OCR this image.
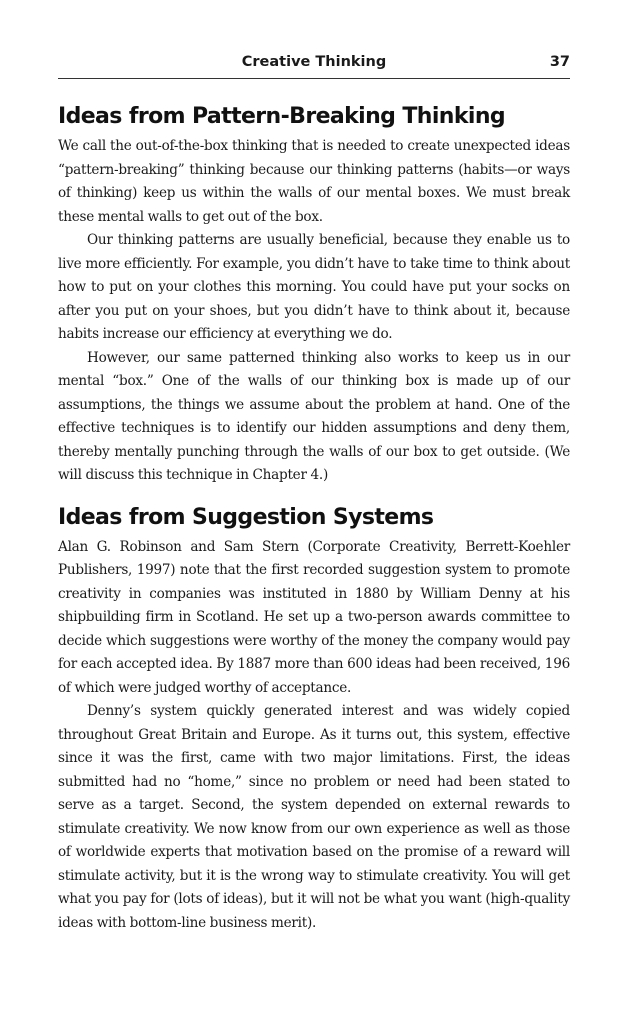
Creative Thinking	37
Ideas from Pattern-Breaking Thinking

We call the out-of-the-box thinking that is needed to create unexpected ideas “pattern-breaking” thinking because our thinking patterns (habits—or ways of thinking) keep us within the walls of our mental boxes. We must break these mental walls to get out of the box.

Our thinking patterns are usually beneficial, because they enable us to live more efficiently. For example, you didn’t have to take time to think about how to put on your clothes this morning. You could have put your socks on after you put on your shoes, but you didn’t have to think about it, because habits increase our efficiency at everything we do.

However, our same patterned thinking also works to keep us in our mental “box.” One of the walls of our thinking box is made up of our assumptions, the things we assume about the problem at hand. One of the effective techniques is to identify our hidden assumptions and deny them, thereby mentally punching through the walls of our box to get outside. (We will discuss this technique in Chapter 4.)

Ideas from Suggestion Systems

Alan G. Robinson and Sam Stern (Corporate Creativity, Berrett-Koehler Publishers, 1997) note that the first recorded suggestion system to promote creativity in companies was instituted in 1880 by William Denny at his shipbuilding firm in Scotland. He set up a two-person awards committee to decide which suggestions were worthy of the money the company would pay for each accepted idea. By 1887 more than 600 ideas had been received, 196 of which were judged worthy of acceptance.

Denny’s system quickly generated interest and was widely copied throughout Great Britain and Europe. As it turns out, this system, effective since it was the first, came with two major limitations. First, the ideas submitted had no “home,” since no problem or need had been stated to serve as a target. Second, the system depended on external rewards to stimulate creativity. We now know from our own experience as well as those of worldwide experts that motivation based on the promise of a reward will stimulate activity, but it is the wrong way to stimulate creativity. You will get what you pay for (lots of ideas), but it will not be what you want (high-quality ideas with bottom-line business merit).
